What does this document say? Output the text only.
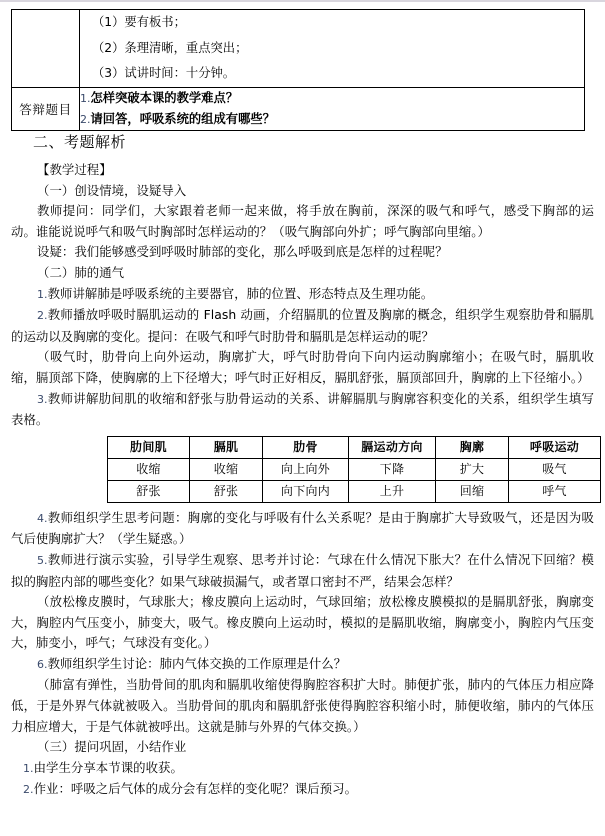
	（1）要有板书；
（2）条理清晰，重点突出；
（3）试讲时间：十分钟。

答辩题目	1.怎样突破本课的教学难点？
2.请回答，呼吸系统的组成有哪些？
二、考题解析

【教学过程】

（一）创设情境，设疑导入

教师提问：同学们，大家跟着老师一起来做，将手放在胸前，深深的吸气和呼气，感受下胸部的运动。谁能说说呼气和吸气时胸部时怎样运动的？（吸气胸部向外扩；呼气胸部向里缩。）

设疑：我们能够感受到呼吸时肺部的变化，那么呼吸到底是怎样的过程呢？

（二）肺的通气

1.教师讲解肺是呼吸系统的主要器官，肺的位置、形态特点及生理功能。

2.教师播放呼吸时膈肌运动的 Flash 动画，介绍膈肌的位置及胸廓的概念，组织学生观察肋骨和膈肌的运动以及胸廓的变化。提问：在吸气和呼气时肋骨和膈肌是怎样运动的呢？

（吸气时，肋骨向上向外运动，胸廓扩大，呼气时肋骨向下向内运动胸廓缩小；在吸气时，膈肌收缩，膈顶部下降，使胸廓的上下径增大；呼气时正好相反，膈肌舒张，膈顶部回升，胸廓的上下径缩小。）

3.教师讲解肋间肌的收缩和舒张与肋骨运动的关系、讲解膈肌与胸廓容积变化的关系，组织学生填写表格。

肋间肌	膈肌	肋骨	膈运动方向	胸廓	呼吸运动
收缩	收缩	向上向外	下降	扩大	吸气
舒张	舒张	向下向内	上升	回缩	呼气

4.教师组织学生思考问题：胸廓的变化与呼吸有什么关系呢？是由于胸廓扩大导致吸气，还是因为吸气后使胸廓扩大？（学生疑惑。）

5.教师进行演示实验，引导学生观察、思考并讨论：气球在什么情况下胀大？在什么情况下回缩？模拟的胸腔内部的哪些变化？如果气球破损漏气，或者罩口密封不严，结果会怎样？

（放松橡皮膜时，气球胀大；橡皮膜向上运动时，气球回缩；放松橡皮膜模拟的是膈肌舒张，胸廓变大，胸腔内气压变小，肺变大，吸气。橡皮膜向上运动时，模拟的是膈肌收缩，胸廓变小，胸腔内气压变大，肺变小，呼气；气球没有变化。）

6.教师组织学生讨论：肺内气体交换的工作原理是什么？

（肺富有弹性，当肋骨间的肌肉和膈肌收缩使得胸腔容积扩大时。肺便扩张，肺内的气体压力相应降低，于是外界气体就被吸入。当肋骨间的肌肉和膈肌舒张使得胸腔容积缩小时，肺便收缩，肺内的气体压力相应增大，于是气体就被呼出。这就是肺与外界的气体交换。）

（三）提问巩固，小结作业

1.由学生分享本节课的收获。

2.作业：呼吸之后气体的成分会有怎样的变化呢？课后预习。
